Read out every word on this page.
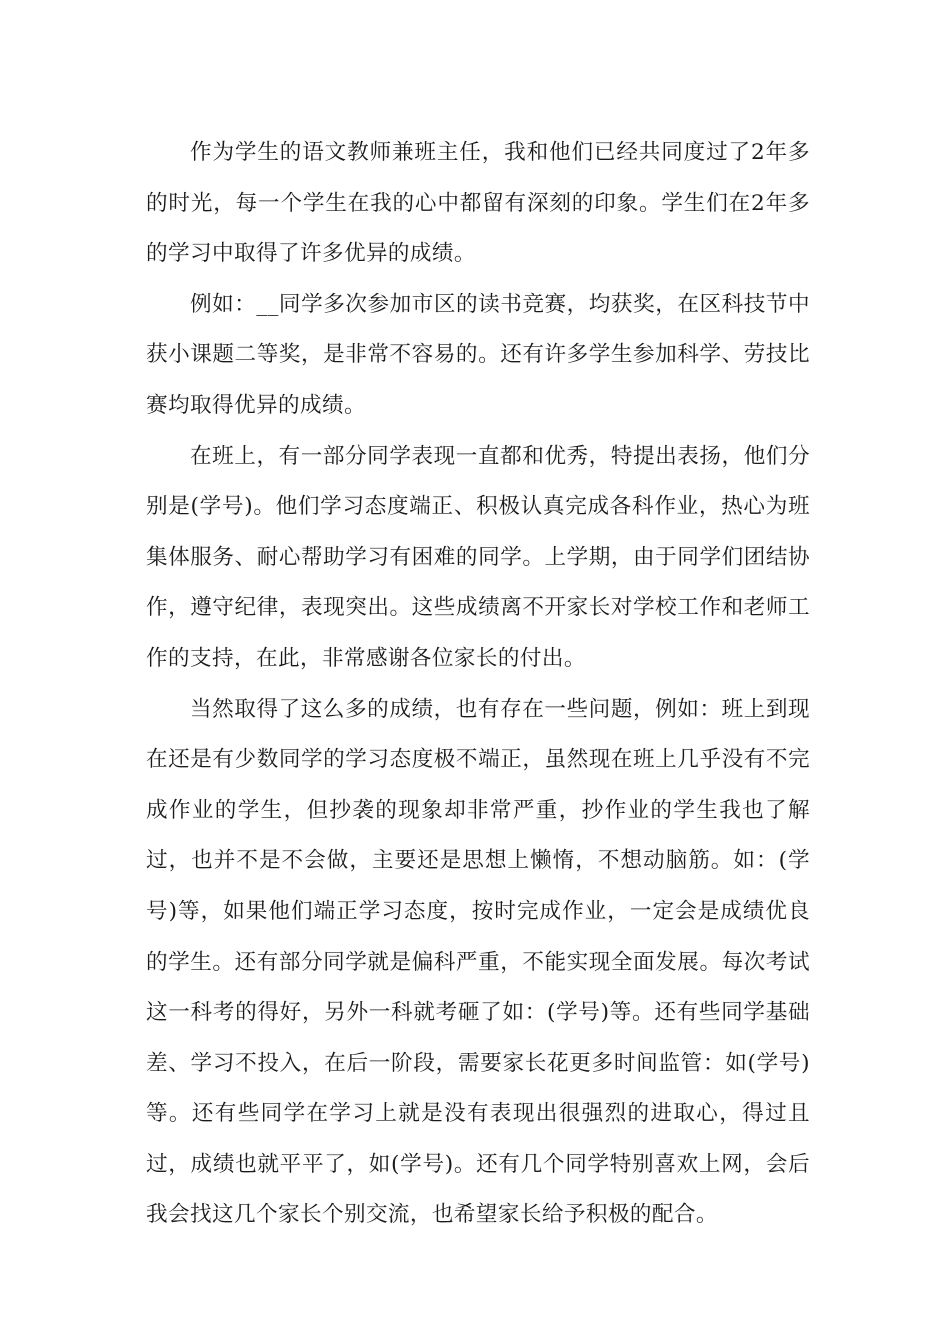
作为学生的语文教师兼班主任，我和他们已经共同度过了2年多的时光，每一个学生在我的心中都留有深刻的印象。学生们在2年多的学习中取得了许多优异的成绩。

例如：__同学多次参加市区的读书竞赛，均获奖，在区科技节中获小课题二等奖，是非常不容易的。还有许多学生参加科学、劳技比赛均取得优异的成绩。

在班上，有一部分同学表现一直都和优秀，特提出表扬，他们分别是(学号)。他们学习态度端正、积极认真完成各科作业，热心为班集体服务、耐心帮助学习有困难的同学。上学期，由于同学们团结协作，遵守纪律，表现突出。这些成绩离不开家长对学校工作和老师工作的支持，在此，非常感谢各位家长的付出。

当然取得了这么多的成绩，也有存在一些问题，例如：班上到现在还是有少数同学的学习态度极不端正，虽然现在班上几乎没有不完成作业的学生，但抄袭的现象却非常严重，抄作业的学生我也了解过，也并不是不会做，主要还是思想上懒惰，不想动脑筋。如：(学号)等，如果他们端正学习态度，按时完成作业，一定会是成绩优良的学生。还有部分同学就是偏科严重，不能实现全面发展。每次考试这一科考的得好，另外一科就考砸了如：(学号)等。还有些同学基础差、学习不投入，在后一阶段，需要家长花更多时间监管：如(学号)等。还有些同学在学习上就是没有表现出很强烈的进取心，得过且过，成绩也就平平了，如(学号)。还有几个同学特别喜欢上网，会后我会找这几个家长个别交流，也希望家长给予积极的配合。
